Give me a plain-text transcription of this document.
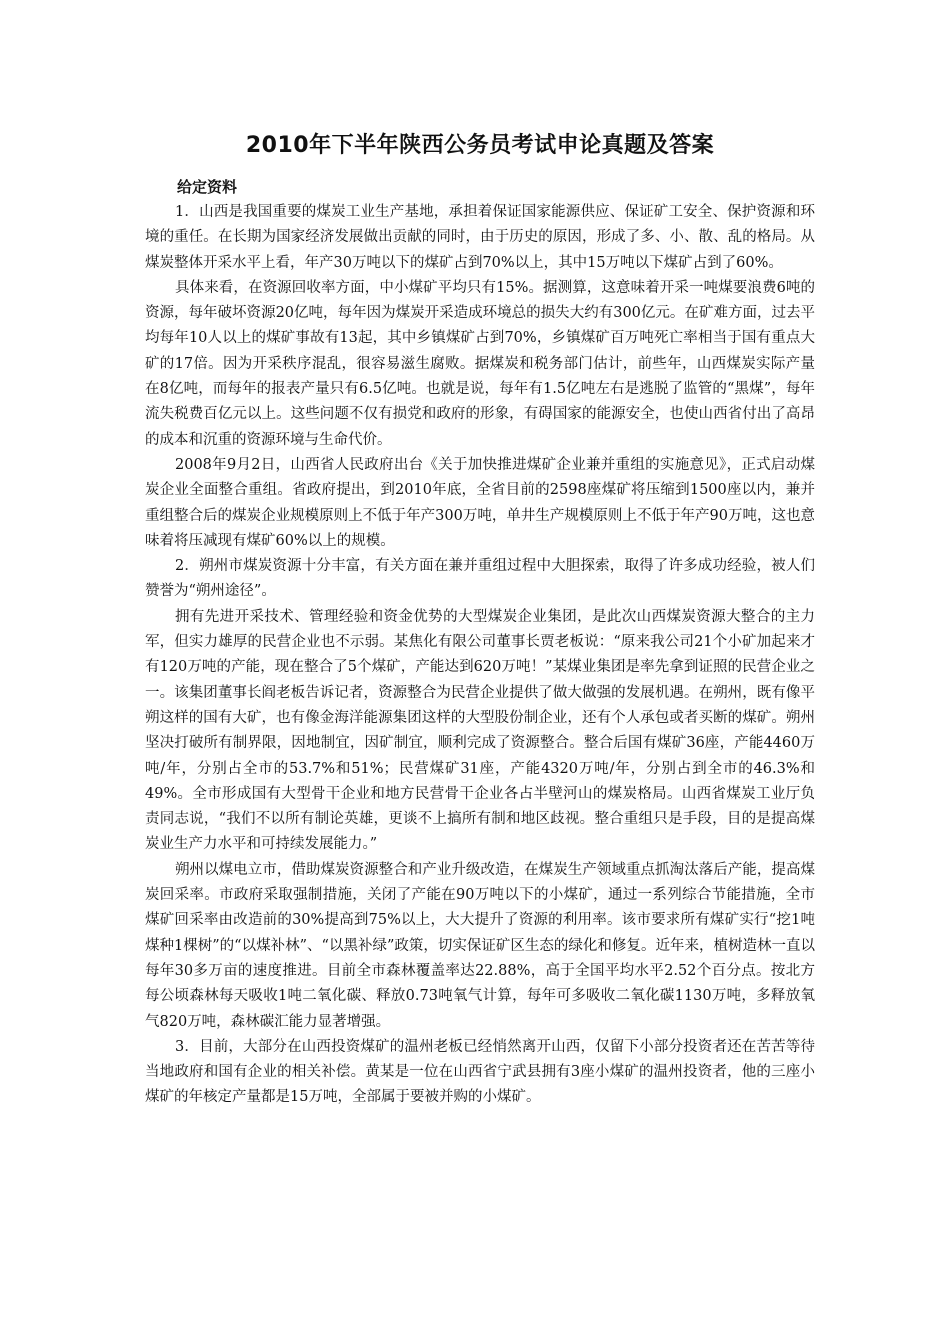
2010年下半年陕西公务员考试申论真题及答案

给定资料

1．山西是我国重要的煤炭工业生产基地，承担着保证国家能源供应、保证矿工安全、保护资源和环境的重任。在长期为国家经济发展做出贡献的同时，由于历史的原因，形成了多、小、散、乱的格局。从煤炭整体开采水平上看，年产30万吨以下的煤矿占到70%以上，其中15万吨以下煤矿占到了60%。

具体来看，在资源回收率方面，中小煤矿平均只有15%。据测算，这意味着开采一吨煤要浪费6吨的资源，每年破坏资源20亿吨，每年因为煤炭开采造成环境总的损失大约有300亿元。在矿难方面，过去平均每年10人以上的煤矿事故有13起，其中乡镇煤矿占到70%，乡镇煤矿百万吨死亡率相当于国有重点大矿的17倍。因为开采秩序混乱，很容易滋生腐败。据煤炭和税务部门估计，前些年，山西煤炭实际产量在8亿吨，而每年的报表产量只有6.5亿吨。也就是说，每年有1.5亿吨左右是逃脱了监管的“黑煤”，每年流失税费百亿元以上。这些问题不仅有损党和政府的形象，有碍国家的能源安全，也使山西省付出了高昂的成本和沉重的资源环境与生命代价。

2008年9月2日，山西省人民政府出台《关于加快推进煤矿企业兼并重组的实施意见》，正式启动煤炭企业全面整合重组。省政府提出，到2010年底，全省目前的2598座煤矿将压缩到1500座以内，兼并重组整合后的煤炭企业规模原则上不低于年产300万吨，单井生产规模原则上不低于年产90万吨，这也意味着将压减现有煤矿60%以上的规模。

2．朔州市煤炭资源十分丰富，有关方面在兼并重组过程中大胆探索，取得了许多成功经验，被人们赞誉为“朔州途径”。

拥有先进开采技术、管理经验和资金优势的大型煤炭企业集团，是此次山西煤炭资源大整合的主力军，但实力雄厚的民营企业也不示弱。某焦化有限公司董事长贾老板说：“原来我公司21个小矿加起来才有120万吨的产能，现在整合了5个煤矿，产能达到620万吨！”某煤业集团是率先拿到证照的民营企业之一。该集团董事长阎老板告诉记者，资源整合为民营企业提供了做大做强的发展机遇。在朔州，既有像平朔这样的国有大矿，也有像金海洋能源集团这样的大型股份制企业，还有个人承包或者买断的煤矿。朔州坚决打破所有制界限，因地制宜，因矿制宜，顺利完成了资源整合。整合后国有煤矿36座，产能4460万吨/年，分别占全市的53.7%和51%；民营煤矿31座，产能4320万吨/年，分别占到全市的46.3%和49%。全市形成国有大型骨干企业和地方民营骨干企业各占半壁河山的煤炭格局。山西省煤炭工业厅负责同志说，“我们不以所有制论英雄，更谈不上搞所有制和地区歧视。整合重组只是手段，目的是提高煤炭业生产力水平和可持续发展能力。”

朔州以煤电立市，借助煤炭资源整合和产业升级改造，在煤炭生产领域重点抓淘汰落后产能，提高煤炭回采率。市政府采取强制措施，关闭了产能在90万吨以下的小煤矿，通过一系列综合节能措施，全市煤矿回采率由改造前的30%提高到75%以上，大大提升了资源的利用率。该市要求所有煤矿实行“挖1吨煤种1棵树”的“以煤补林”、“以黑补绿”政策，切实保证矿区生态的绿化和修复。近年来，植树造林一直以每年30多万亩的速度推进。目前全市森林覆盖率达22.88%，高于全国平均水平2.52个百分点。按北方每公顷森林每天吸收1吨二氧化碳、释放0.73吨氧气计算，每年可多吸收二氧化碳1130万吨，多释放氧气820万吨，森林碳汇能力显著增强。

3．目前，大部分在山西投资煤矿的温州老板已经悄然离开山西，仅留下小部分投资者还在苦苦等待当地政府和国有企业的相关补偿。黄某是一位在山西省宁武县拥有3座小煤矿的温州投资者，他的三座小煤矿的年核定产量都是15万吨，全部属于要被并购的小煤矿。
